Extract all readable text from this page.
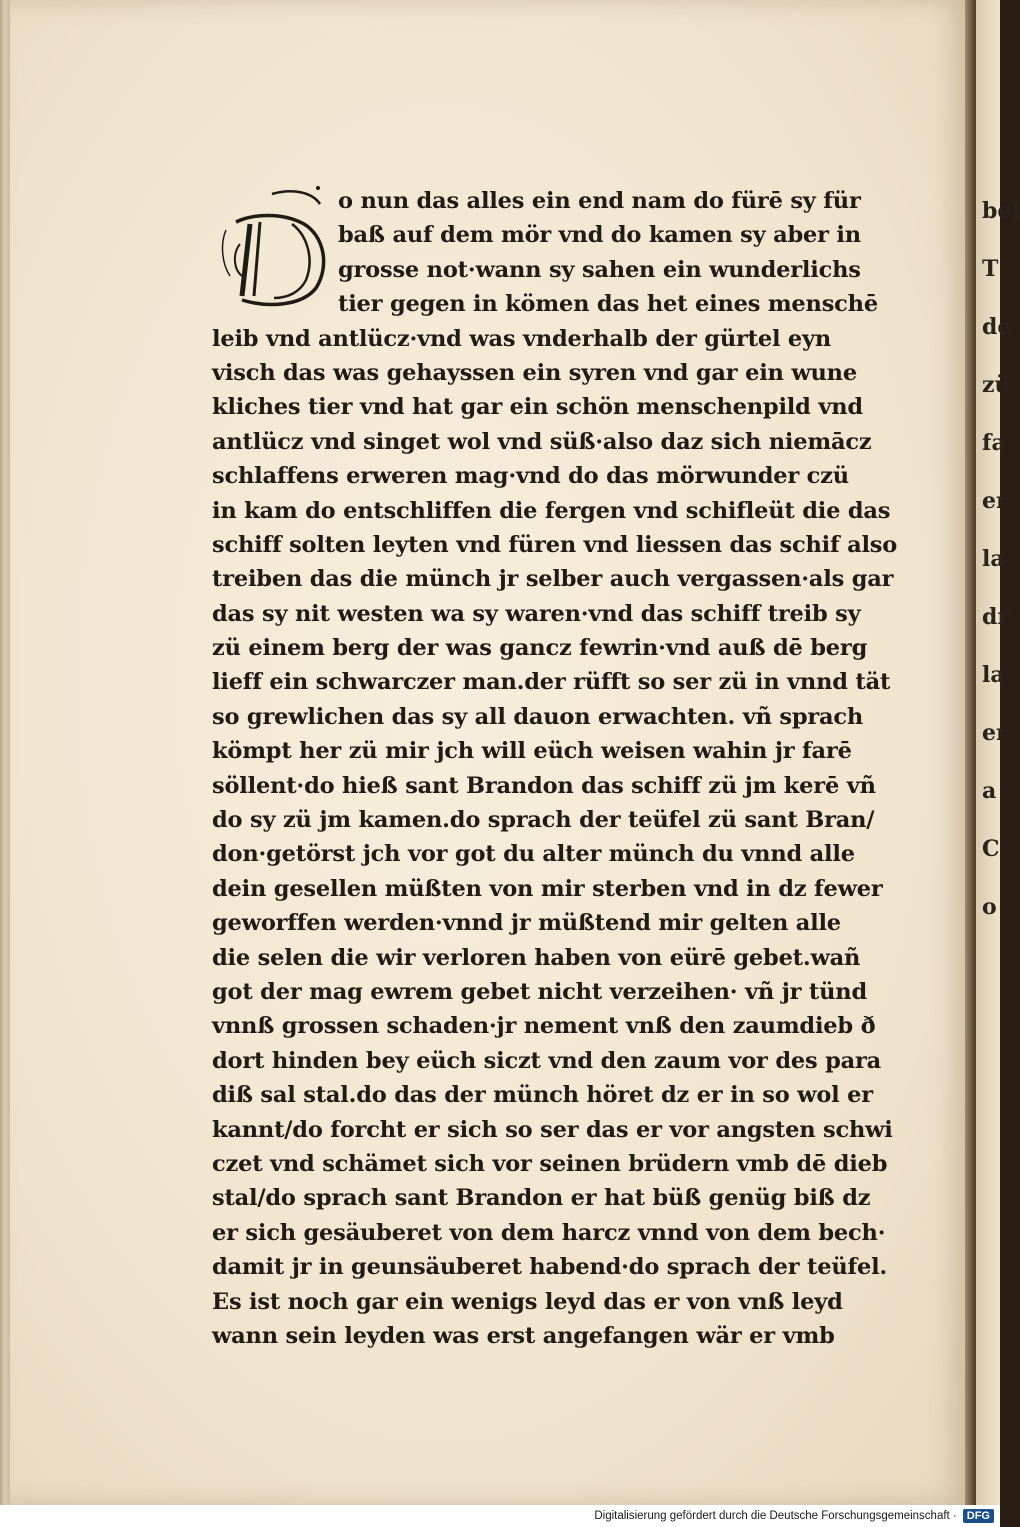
bel
T
de
zü
fa
er
la
dr
la
er
a
C
o
o nun das alles ein end nam do fürē sy für
baß auf dem mör vnd do kamen sy aber in
grosse not·wann sy sahen ein wunderlichs
tier gegen in kömen das het eines menschē
leib vnd antlücz·vnd was vnderhalb der gürtel eyn
visch das was gehayssen ein syren vnd gar ein wune
kliches tier vnd hat gar ein schön menschenpild vnd
antlücz vnd singet wol vnd süß·also daz sich niemācz
schlaffens erweren mag·vnd do das mörwunder czü
in kam do entschliffen die fergen vnd schifleüt die das
schiff solten leyten vnd füren vnd liessen das schif also
treiben das die münch jr selber auch vergassen·als gar
das sy nit westen wa sy waren·vnd das schiff treib sy
zü einem berg der was gancz fewrin·vnd auß dē berg
lieff ein schwarczer man.der rüfft so ser zü in vnnd tät
so grewlichen das sy all dauon erwachten. vñ sprach
kömpt her zü mir jch will eüch weisen wahin jr farē
söllent·do hieß sant Brandon das schiff zü jm kerē vñ
do sy zü jm kamen.do sprach der teüfel zü sant Bran/
don·getörst jch vor got du alter münch du vnnd alle
dein gesellen müßten von mir sterben vnd in dz fewer
geworffen werden·vnnd jr müßtend mir gelten alle
die selen die wir verloren haben von eürē gebet.wañ
got der mag ewrem gebet nicht verzeihen· vñ jr tünd
vnnß grossen schaden·jr nement vnß den zaumdieb ð
dort hinden bey eüch siczt vnd den zaum vor des para
diß sal stal.do das der münch höret dz er in so wol er
kannt/do forcht er sich so ser das er vor angsten schwi
czet vnd schämet sich vor seinen brüdern vmb dē dieb
stal/do sprach sant Brandon er hat büß genüg biß dz
er sich gesäuberet von dem harcz vnnd von dem bech·
damit jr in geunsäuberet habend·do sprach der teüfel.
Es ist noch gar ein wenigs leyd das er von vnß leyd
wann sein leyden was erst angefangen wär er vmb
Digitalisierung gefördert durch die Deutsche Forschungsgemeinschaft · DFG
